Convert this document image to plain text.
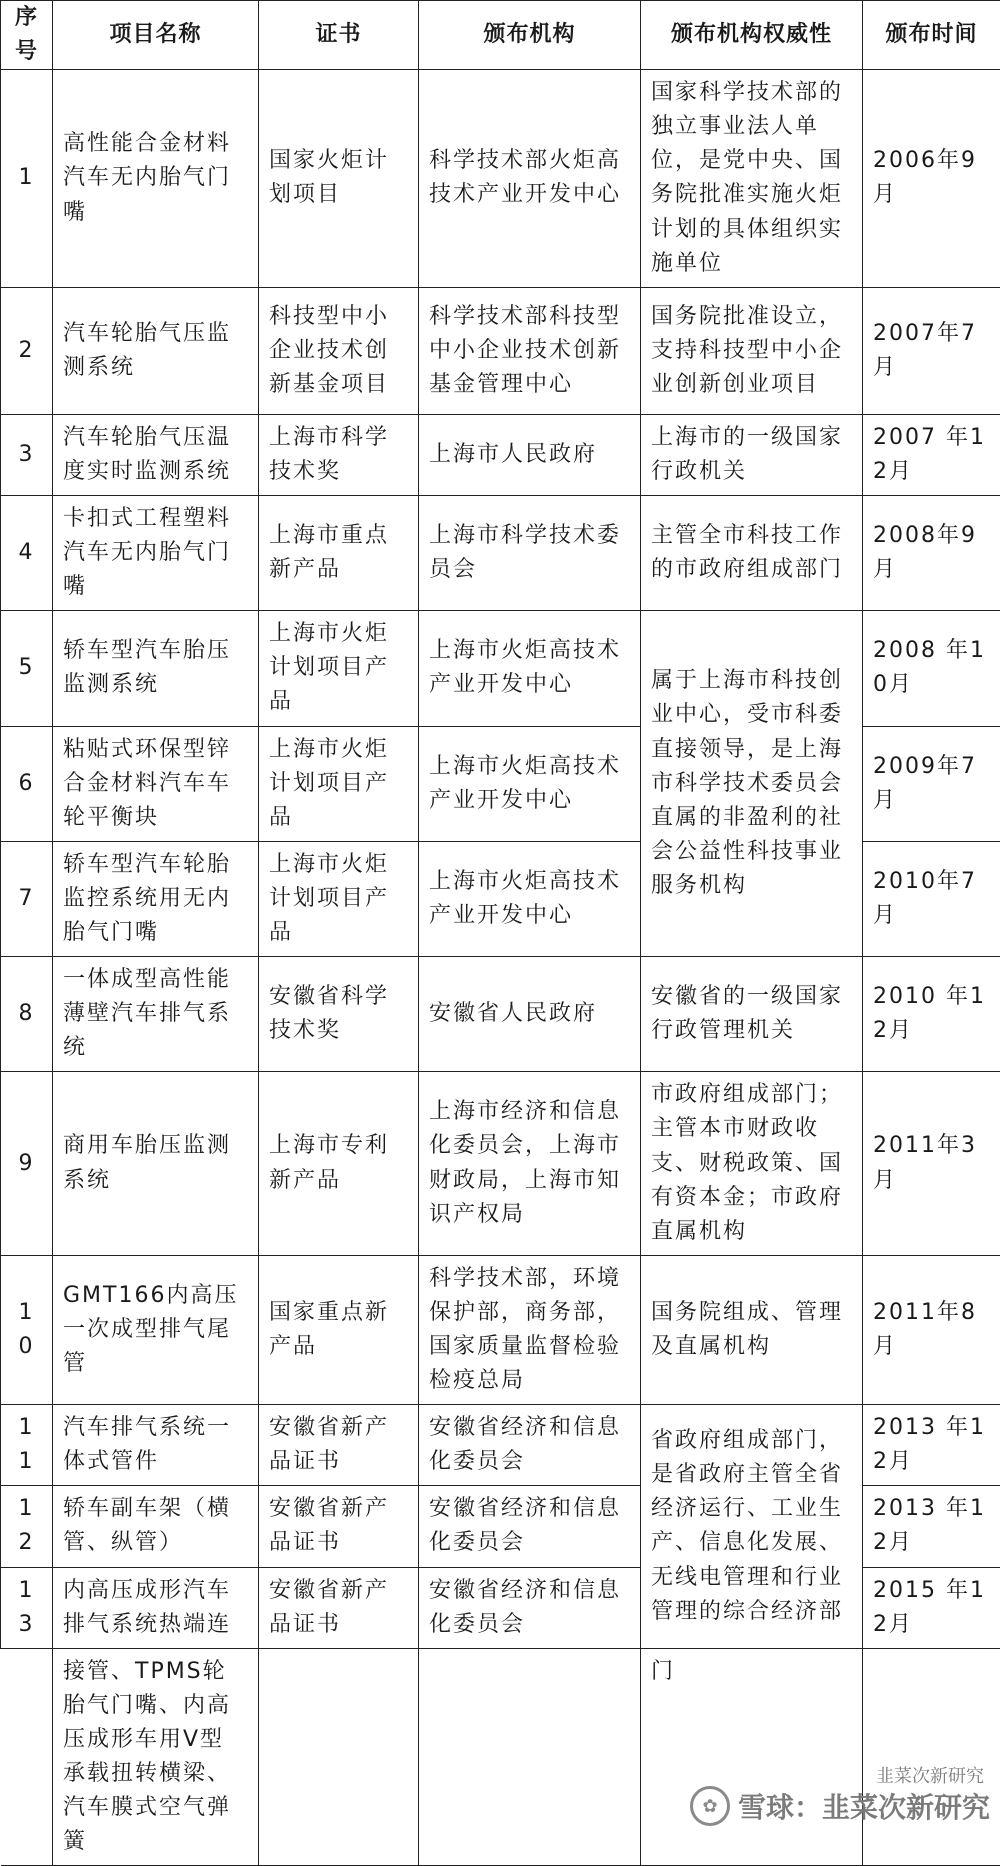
序号	项目名称	证书	颁布机构	颁布机构权威性	颁布时间
1	高性能合金材料汽车无内胎气门嘴	国家火炬计划项目	科学技术部火炬高技术产业开发中心	国家科学技术部的独立事业法人单位，是党中央、国务院批准实施火炬计划的具体组织实施单位	2006年9月
2	汽车轮胎气压监测系统	科技型中小企业技术创新基金项目	科学技术部科技型中小企业技术创新基金管理中心	国务院批准设立，支持科技型中小企业创新创业项目	2007年7月
3	汽车轮胎气压温度实时监测系统	上海市科学技术奖	上海市人民政府	上海市的一级国家行政机关	2007 年12月
4	卡扣式工程塑料汽车无内胎气门嘴	上海市重点新产品	上海市科学技术委员会	主管全市科技工作的市政府组成部门	2008年9月
5	轿车型汽车胎压监测系统	上海市火炬计划项目产品	上海市火炬高技术产业开发中心	属于上海市科技创业中心，受市科委直接领导，是上海市科学技术委员会直属的非盈利的社会公益性科技事业服务机构	2008 年10月
6	粘贴式环保型锌合金材料汽车车轮平衡块	上海市火炬计划项目产品	上海市火炬高技术产业开发中心		2009年7月
7	轿车型汽车轮胎监控系统用无内胎气门嘴	上海市火炬计划项目产品	上海市火炬高技术产业开发中心		2010年7月
8	一体成型高性能薄壁汽车排气系统	安徽省科学技术奖	安徽省人民政府	安徽省的一级国家行政管理机关	2010 年12月
9	商用车胎压监测系统	上海市专利新产品	上海市经济和信息化委员会，上海市财政局，上海市知识产权局	市政府组成部门；主管本市财政收支、财税政策、国有资本金；市政府直属机构	2011年3月
10	GMT166内高压一次成型排气尾管	国家重点新产品	科学技术部，环境保护部，商务部，国家质量监督检验检疫总局	国务院组成、管理及直属机构	2011年8月
11	汽车排气系统一体式管件	安徽省新产品证书	安徽省经济和信息化委员会	省政府组成部门，是省政府主管全省经济运行、工业生产、信息化发展、无线电管理和行业管理的综合经济部	2013 年12月
12	轿车副车架（横管、纵管）	安徽省新产品证书	安徽省经济和信息化委员会		2013 年12月
13	内高压成形汽车排气系统热端连	安徽省新产品证书	安徽省经济和信息化委员会		2015 年12月
	接管、TPMS轮胎气门嘴、内高压成形车用V型承载扭转横梁、汽车膜式空气弹簧			门	
韭菜次新研究
✿ 雪球：韭菜次新研究
